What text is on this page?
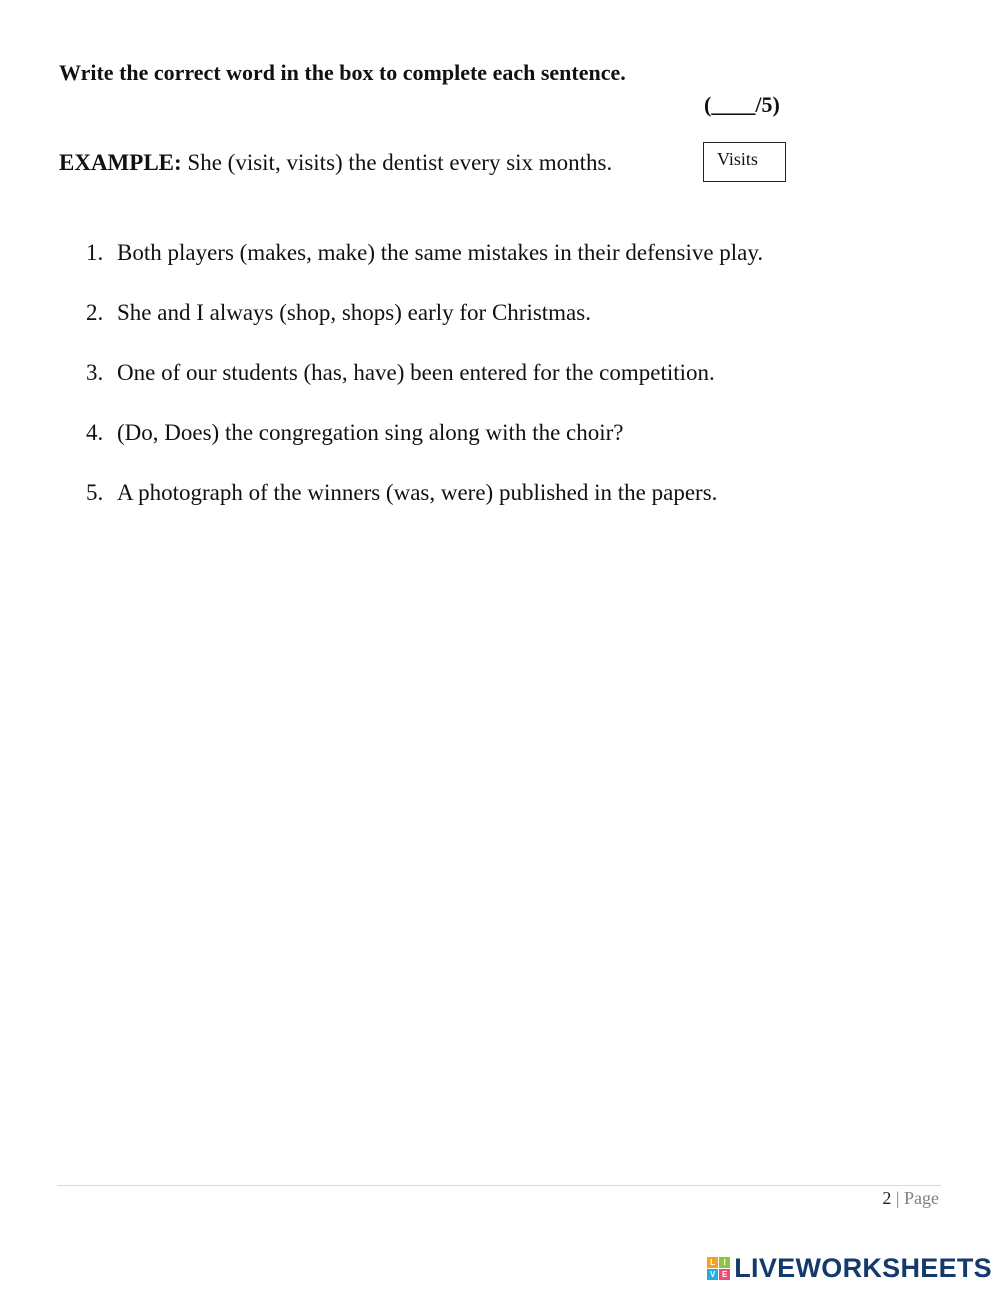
Write the correct word in the box to complete each sentence.

(____/5)
EXAMPLE: She (visit, visits) the dentist every six months.	Visits
1. Both players (makes, make) the same mistakes in their defensive play.
2. She and I always (shop, shops) early for Christmas.
3. One of our students (has, have) been entered for the competition.
4. (Do, Does) the congregation sing along with the choir?
5. A photograph of the winners (was, were) published in the papers.
2 | Page
L	I
V E LIVEWORKSHEETS
